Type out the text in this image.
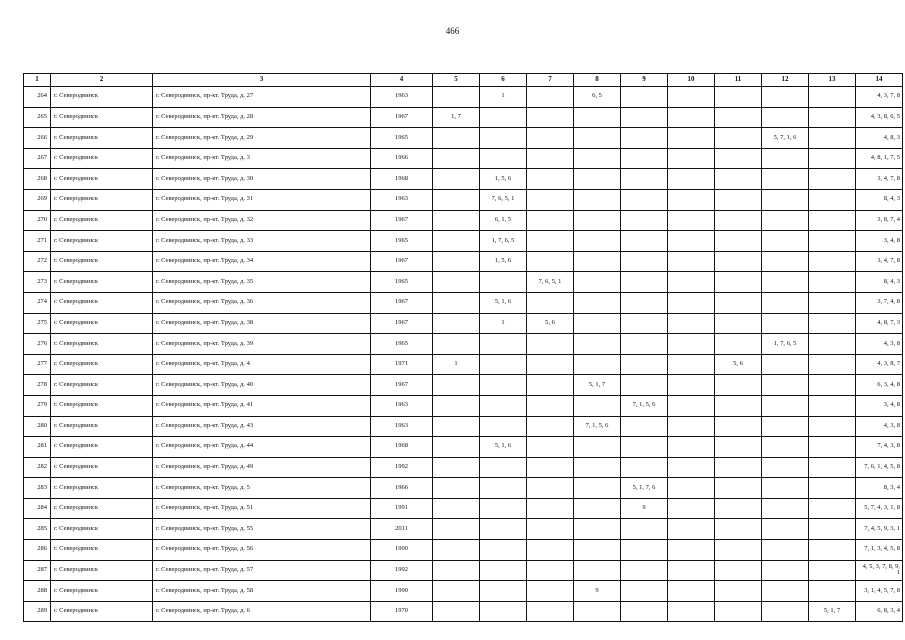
466
1	2	3	4	5	6	7	8	9	10	11	12	13	14
264	г. Северодвинск	г. Северодвинск, пр-кт. Труда, д. 27	1963		1		6, 5						4, 3, 7, 8
265	г. Северодвинск	г. Северодвинск, пр-кт. Труда, д. 28	1967	1, 7									4, 3, 8, 6, 5
266	г. Северодвинск	г. Северодвинск, пр-кт. Труда, д. 29	1965								5, 7, 1, 6		4, 8, 3
267	г. Северодвинск	г. Северодвинск, пр-кт. Труда, д. 3	1966										4, 8, 1, 7, 5
268	г. Северодвинск	г. Северодвинск, пр-кт. Труда, д. 30	1968		1, 5, 6								3, 4, 7, 8
269	г. Северодвинск	г. Северодвинск, пр-кт. Труда, д. 31	1963		7, 6, 5, 1								8, 4, 3
270	г. Северодвинск	г. Северодвинск, пр-кт. Труда, д. 32	1967		6, 1, 5								3, 8, 7, 4
271	г. Северодвинск	г. Северодвинск, пр-кт. Труда, д. 33	1965		1, 7, 6, 5								3, 4, 8
272	г. Северодвинск	г. Северодвинск, пр-кт. Труда, д. 34	1967		1, 5, 6								3, 4, 7, 8
273	г. Северодвинск	г. Северодвинск, пр-кт. Труда, д. 35	1965			7, 6, 5, 1							8, 4, 3
274	г. Северодвинск	г. Северодвинск, пр-кт. Труда, д. 36	1967		5, 1, 6								3, 7, 4, 8
275	г. Северодвинск	г. Северодвинск, пр-кт. Труда, д. 38	1967		1	5, 6							4, 8, 7, 3
276	г. Северодвинск	г. Северодвинск, пр-кт. Труда, д. 39	1965								1, 7, 6, 5		4, 3, 8
277	г. Северодвинск	г. Северодвинск, пр-кт. Труда, д. 4	1971	1						5, 6			4, 3, 8, 7
278	г. Северодвинск	г. Северодвинск, пр-кт. Труда, д. 40	1967				5, 1, 7						6, 3, 4, 8
279	г. Северодвинск	г. Северодвинск, пр-кт. Труда, д. 41	1963					7, 1, 5, 6					3, 4, 8
280	г. Северодвинск	г. Северодвинск, пр-кт. Труда, д. 43	1963				7, 1, 5, 6						4, 3, 8
281	г. Северодвинск	г. Северодвинск, пр-кт. Труда, д. 44	1968		5, 1, 6								7, 4, 3, 8
282	г. Северодвинск	г. Северодвинск, пр-кт. Труда, д. 49	1992										7, 6, 1, 4, 5, 8
283	г. Северодвинск	г. Северодвинск, пр-кт. Труда, д. 5	1966					5, 1, 7, 6					8, 3, 4
284	г. Северодвинск	г. Северодвинск, пр-кт. Труда, д. 51	1991					9					5, 7, 4, 3, 1, 8
285	г. Северодвинск	г. Северодвинск, пр-кт. Труда, д. 55	2011										7, 4, 5, 9, 3, 1
286	г. Северодвинск	г. Северодвинск, пр-кт. Труда, д. 56	1990										7, 1, 3, 4, 5, 8
287	г. Северодвинск	г. Северодвинск, пр-кт. Труда, д. 57	1992										4, 5, 3, 7, 8, 9, 1
288	г. Северодвинск	г. Северодвинск, пр-кт. Труда, д. 58	1990				9						3, 1, 4, 5, 7, 8
289	г. Северодвинск	г. Северодвинск, пр-кт. Труда, д. 6	1970									5, 1, 7	6, 8, 3, 4
